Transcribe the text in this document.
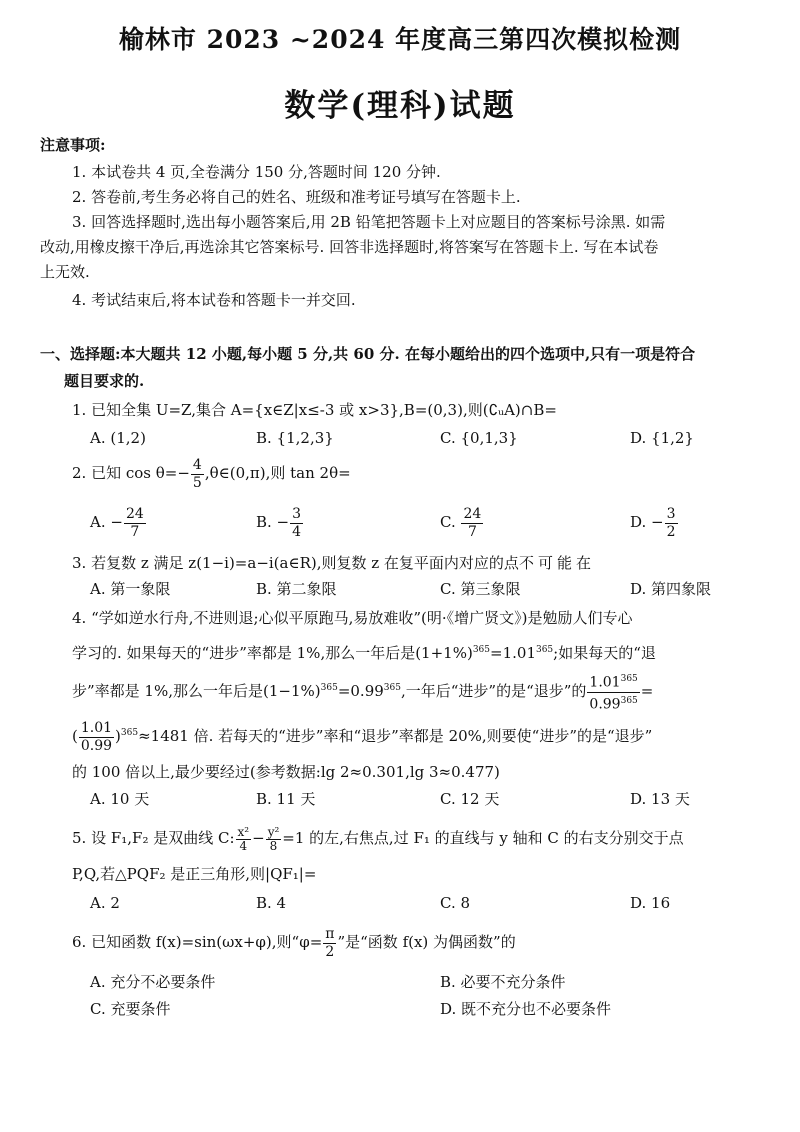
榆林市 2023 ~2024 年度高三第四次模拟检测
数学(理科)试题
注意事项:
1. 本试卷共 4 页,全卷满分 150 分,答题时间 120 分钟.
2. 答卷前,考生务必将自己的姓名、班级和准考证号填写在答题卡上.
3. 回答选择题时,选出每小题答案后,用 2B 铅笔把答题卡上对应题目的答案标号涂黑. 如需
改动,用橡皮擦干净后,再选涂其它答案标号. 回答非选择题时,将答案写在答题卡上. 写在本试卷
上无效.
4. 考试结束后,将本试卷和答题卡一并交回.
一、选择题:本大题共 12 小题,每小题 5 分,共 60 分. 在每小题给出的四个选项中,只有一项是符合
题目要求的.
1. 已知全集 U=Z,集合 A={x∈Z|x≤-3 或 x>3},B=(0,3),则(∁ᵤA)∩B=
A. (1,2)	B. {1,2,3}	C. {0,1,3}	D. {1,2}
2. 已知 $\cos \theta=- \frac{4}{5}$ ,θ∈(0,π),则 tan 2θ=
A. − $\frac{24}{7}$	B. − $\frac{3}{4}$	C. $\frac{24}{7}$	D. − $\frac{3}{2}$
3. 若复数 z 满足 z(1−i)=a−i(a∈R),则复数 z 在复平面内对应的点不可能在
A. 第一象限	B. 第二象限	C. 第三象限	D. 第四象限
4. “学如逆水行舟,不进则退;心似平原跑马,易放难收”(明·《增广贤文》)是勉励人们专心
学习的. 如果每天的“进步”率都是 1%,那么一年后是$(1+1\%)^{365}=1.01^{365}$;如果每天的“退
步”率都是 1%,那么一年后是$(1-1\%)^{365}=0.99^{365}$,一年后“进步”的是“退步”的 $\frac{1.01^{365}}{0.99^{365}}$ =
( $\frac{1.01}{0.99} )^{365}\approx 1481$ 倍. 若每天的“进步”率和“退步”率都是 20%,则要使“进步”的是“退步”
的 100 倍以上,最少要经过(参考数据:lg 2≈0.301,lg 3≈0.477)
A. 10 天	B. 11 天	C. 12 天	D. 13 天
5. 设 F₁,F₂ 是双曲线 C: $\frac{\text{x²}}{4} - \frac{\text{y²}}{8} =1$ 的左,右焦点,过 F₁ 的直线与 y 轴和 C 的右支分别交于点
P,Q,若△PQF₂ 是正三角形,则|QF₁|=
A. 2	B. 4	C. 8	D. 16
6. 已知函数 f(x)=sin(ωx+φ),则“$\varphi= \frac{\pi}{2}$ ”是“函数 f(x) 为偶函数”的
A. 充分不必要条件	B. 必要不充分条件
C. 充要条件	D. 既不充分也不必要条件
